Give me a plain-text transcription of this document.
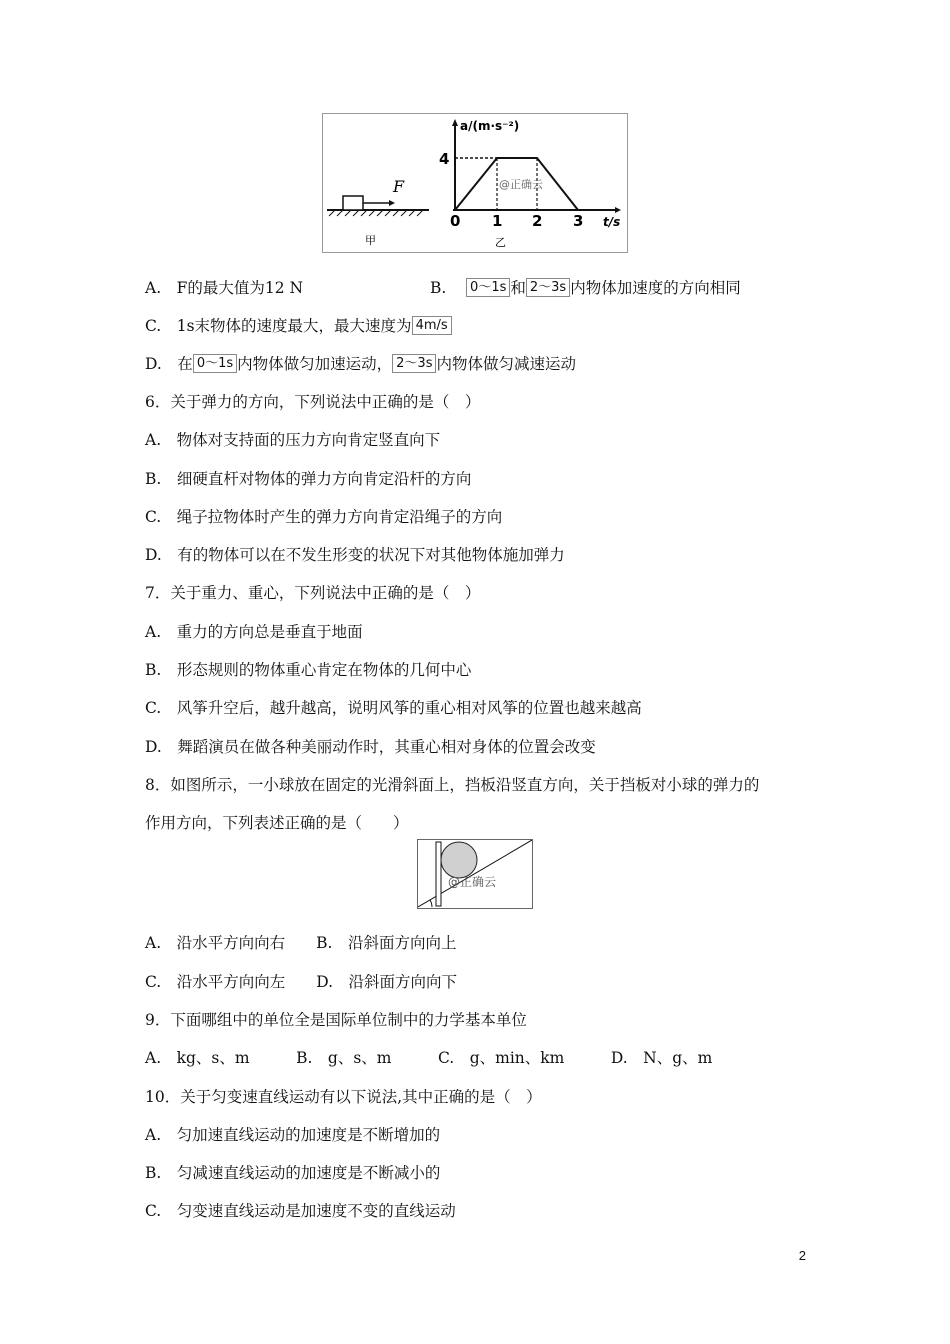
F
甲
a/(m·s⁻²)
t/s
4
0 1 2 3
@正确云
乙
A.　F的最大值为12 N	B. 0～1s 和 2～3s 内物体加速度的方向相同
C.　1s末物体的速度最大，最大速度为 4m/s
D.　在 0～1s 内物体做匀加速运动， 2～3s 内物体做匀减速运动
6．关于弹力的方向，下列说法中正确的是（　）
A.　物体对支持面的压力方向肯定竖直向下
B.　细硬直杆对物体的弹力方向肯定沿杆的方向
C.　绳子拉物体时产生的弹力方向肯定沿绳子的方向
D.　有的物体可以在不发生形变的状况下对其他物体施加弹力
7．关于重力、重心，下列说法中正确的是（　）
A.　重力的方向总是垂直于地面
B.　形态规则的物体重心肯定在物体的几何中心
C.　风筝升空后，越升越高，说明风筝的重心相对风筝的位置也越来越高
D.　舞蹈演员在做各种美丽动作时，其重心相对身体的位置会改变
8．如图所示，一小球放在固定的光滑斜面上，挡板沿竖直方向，关于挡板对小球的弹力的
作用方向，下列表述正确的是（　　）
@正确云
A.　沿水平方向向右　　B.　沿斜面方向向上
C.　沿水平方向向左　　D.　沿斜面方向向下
9．下面哪组中的单位全是国际单位制中的力学基本单位
A.　kg、s、m　　　B.　g、s、m　　　C.　g、min、km　　　D.　N、g、m
10．关于匀变速直线运动有以下说法,其中正确的是（　）
A.　匀加速直线运动的加速度是不断增加的
B.　匀减速直线运动的加速度是不断减小的
C.　匀变速直线运动是加速度不变的直线运动
2
